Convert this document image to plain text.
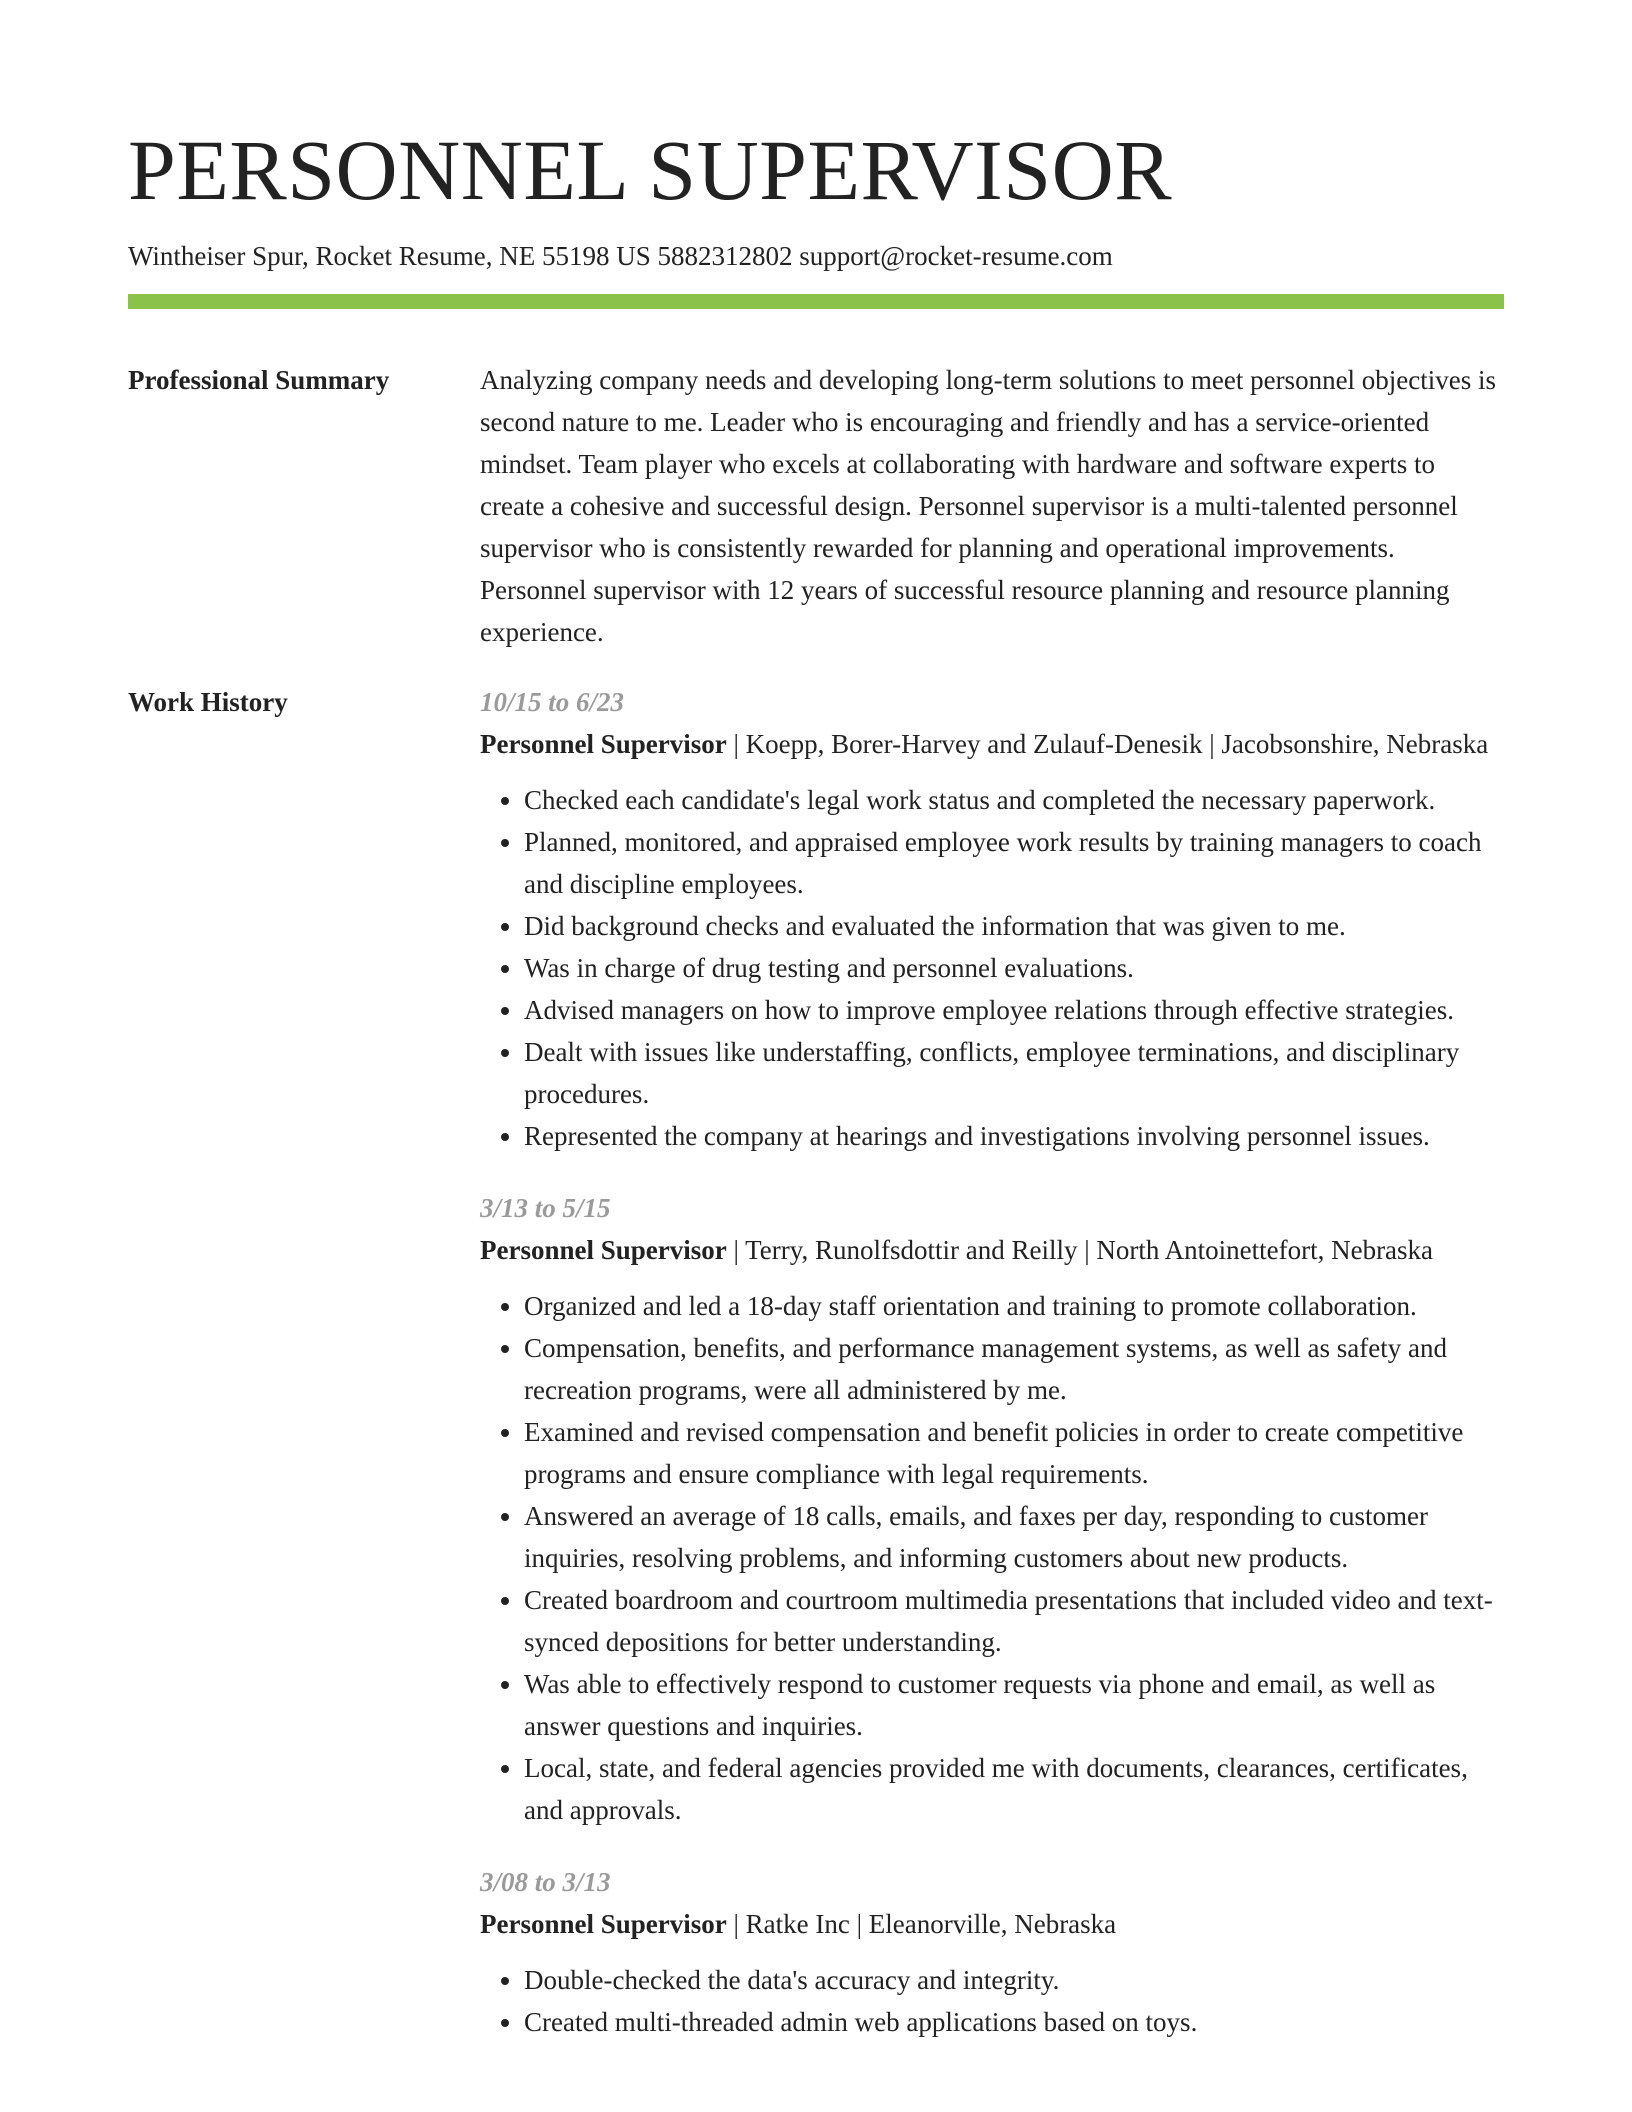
PERSONNEL SUPERVISOR
Wintheiser Spur, Rocket Resume, NE 55198 US 5882312802 support@rocket-resume.com
Professional Summary	Analyzing company needs and developing long-term solutions to meet personnel objectives is second nature to me. Leader who is encouraging and friendly and has a service-oriented mindset. Team player who excels at collaborating with hardware and software experts to create a cohesive and successful design. Personnel supervisor is a multi-talented personnel supervisor who is consistently rewarded for planning and operational improvements. Personnel supervisor with 12 years of successful resource planning and resource planning experience.

Work History	10/15 to 6/23
Personnel Supervisor | Koepp, Borer-Harvey and Zulauf-Denesik | Jacobsonshire, Nebraska
• Checked each candidate's legal work status and completed the necessary paperwork.
• Planned, monitored, and appraised employee work results by training managers to coach and discipline employees.
• Did background checks and evaluated the information that was given to me.
• Was in charge of drug testing and personnel evaluations.
• Advised managers on how to improve employee relations through effective strategies.
• Dealt with issues like understaffing, conflicts, employee terminations, and disciplinary procedures.
• Represented the company at hearings and investigations involving personnel issues.
3/13 to 5/15
Personnel Supervisor | Terry, Runolfsdottir and Reilly | North Antoinettefort, Nebraska
• Organized and led a 18-day staff orientation and training to promote collaboration.
• Compensation, benefits, and performance management systems, as well as safety and recreation programs, were all administered by me.
• Examined and revised compensation and benefit policies in order to create competitive programs and ensure compliance with legal requirements.
• Answered an average of 18 calls, emails, and faxes per day, responding to customer inquiries, resolving problems, and informing customers about new products.
• Created boardroom and courtroom multimedia presentations that included video and text-synced depositions for better understanding.
• Was able to effectively respond to customer requests via phone and email, as well as answer questions and inquiries.
• Local, state, and federal agencies provided me with documents, clearances, certificates, and approvals.
3/08 to 3/13
Personnel Supervisor | Ratke Inc | Eleanorville, Nebraska
• Double-checked the data's accuracy and integrity.
• Created multi-threaded admin web applications based on toys.
